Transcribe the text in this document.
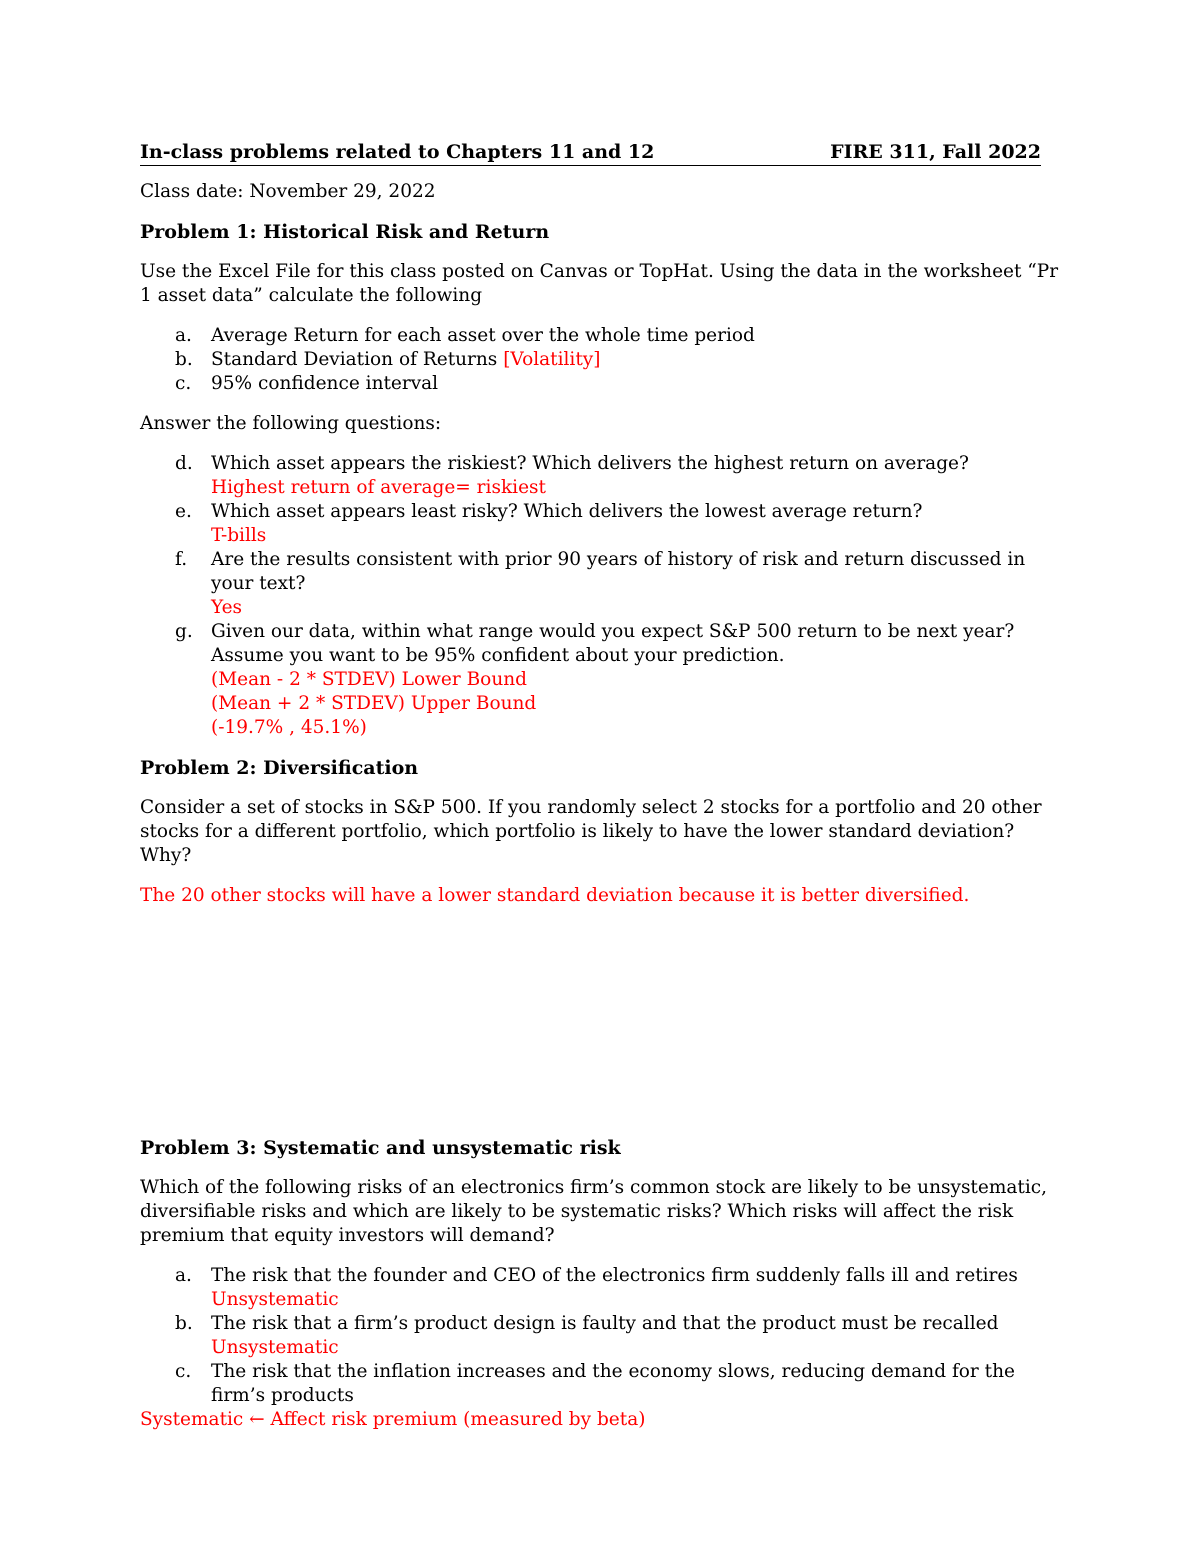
In-class problems related to Chapters 11 and 12	FIRE 311, Fall 2022

Class date: November 29, 2022

Problem 1: Historical Risk and Return

Use the Excel File for this class posted on Canvas or TopHat. Using the data in the worksheet “Pr 1 asset data” calculate the following

a. Average Return for each asset over the whole time period
b. Standard Deviation of Returns [Volatility]
c. 95% confidence interval

Answer the following questions:

d. Which asset appears the riskiest? Which delivers the highest return on average?
Highest return of average= riskiest
e. Which asset appears least risky? Which delivers the lowest average return?
T-bills
f. Are the results consistent with prior 90 years of history of risk and return discussed in your text?
Yes
g. Given our data, within what range would you expect S&P 500 return to be next year? Assume you want to be 95% confident about your prediction.
(Mean - 2 * STDEV) Lower Bound
(Mean + 2 * STDEV) Upper Bound
(-19.7% , 45.1%)

Problem 2: Diversification

Consider a set of stocks in S&P 500. If you randomly select 2 stocks for a portfolio and 20 other stocks for a different portfolio, which portfolio is likely to have the lower standard deviation? Why?

The 20 other stocks will have a lower standard deviation because it is better diversified.

Problem 3: Systematic and unsystematic risk

Which of the following risks of an electronics firm’s common stock are likely to be unsystematic, diversifiable risks and which are likely to be systematic risks? Which risks will affect the risk premium that equity investors will demand?

a. The risk that the founder and CEO of the electronics firm suddenly falls ill and retires
Unsystematic
b. The risk that a firm’s product design is faulty and that the product must be recalled
Unsystematic
c. The risk that the inflation increases and the economy slows, reducing demand for the firm’s products

Systematic ← Affect risk premium (measured by beta)
